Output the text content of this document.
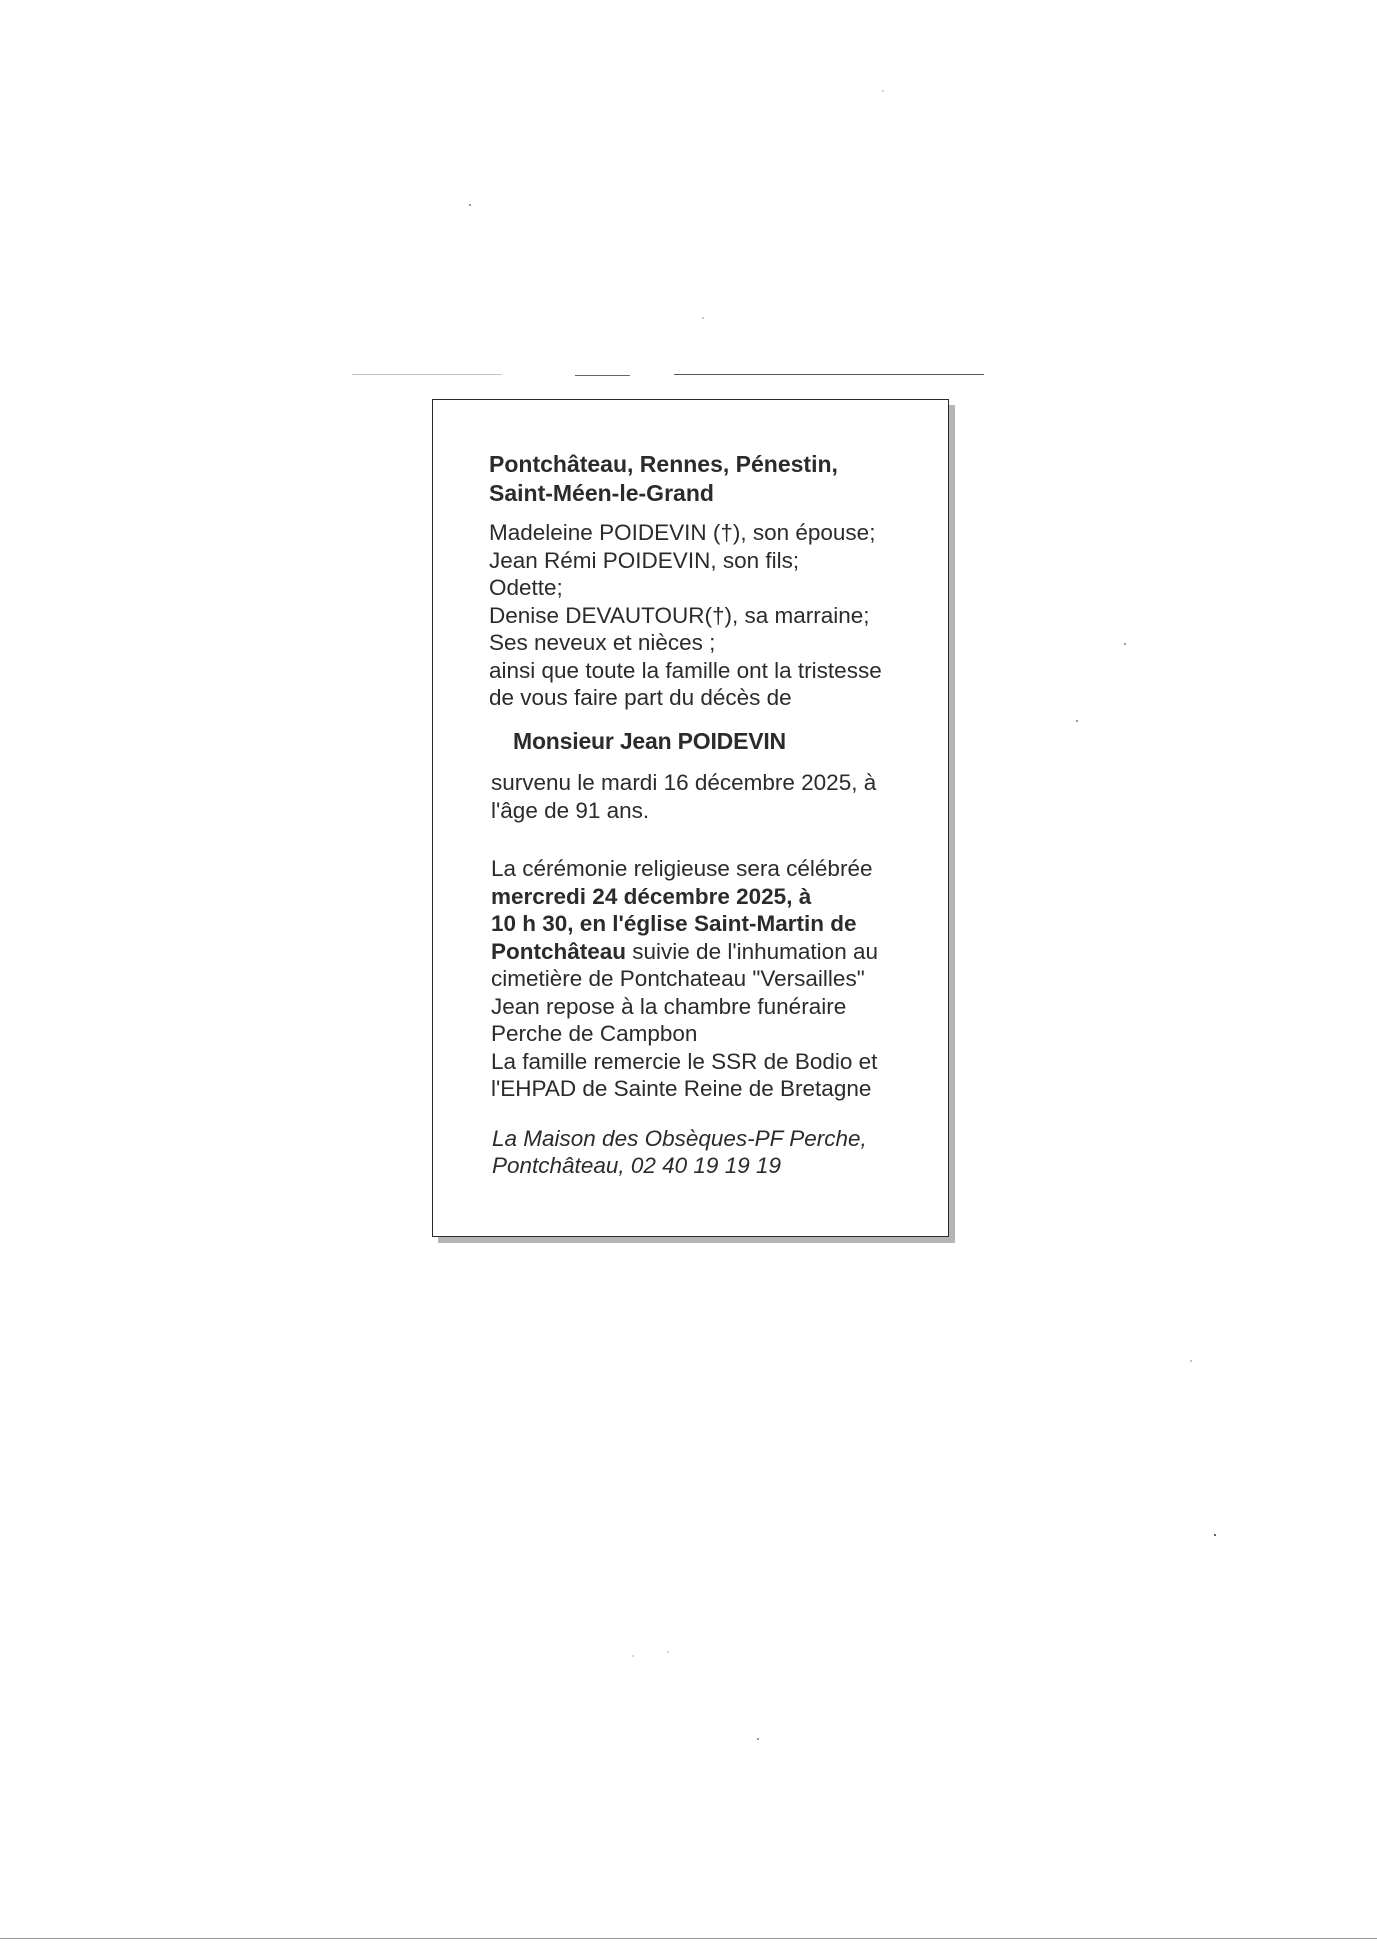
Pontchâteau, Rennes, Pénestin,
Saint-Méen-le-Grand
Madeleine POIDEVIN (†), son épouse;
Jean Rémi POIDEVIN, son fils;
Odette;
Denise DEVAUTOUR(†), sa marraine;
Ses neveux et nièces ;
ainsi que toute la famille ont la tristesse
de vous faire part du décès de
Monsieur Jean POIDEVIN
survenu le mardi 16 décembre 2025, à
l'âge de 91 ans.
La cérémonie religieuse sera célébrée
mercredi 24 décembre 2025, à
10 h 30, en l'église Saint-Martin de
Pontchâteau suivie de l'inhumation au
cimetière de Pontchateau "Versailles"
Jean repose à la chambre funéraire
Perche de Campbon
La famille remercie le SSR de Bodio et
l'EHPAD de Sainte Reine de Bretagne
La Maison des Obsèques-PF Perche,
Pontchâteau, 02 40 19 19 19
